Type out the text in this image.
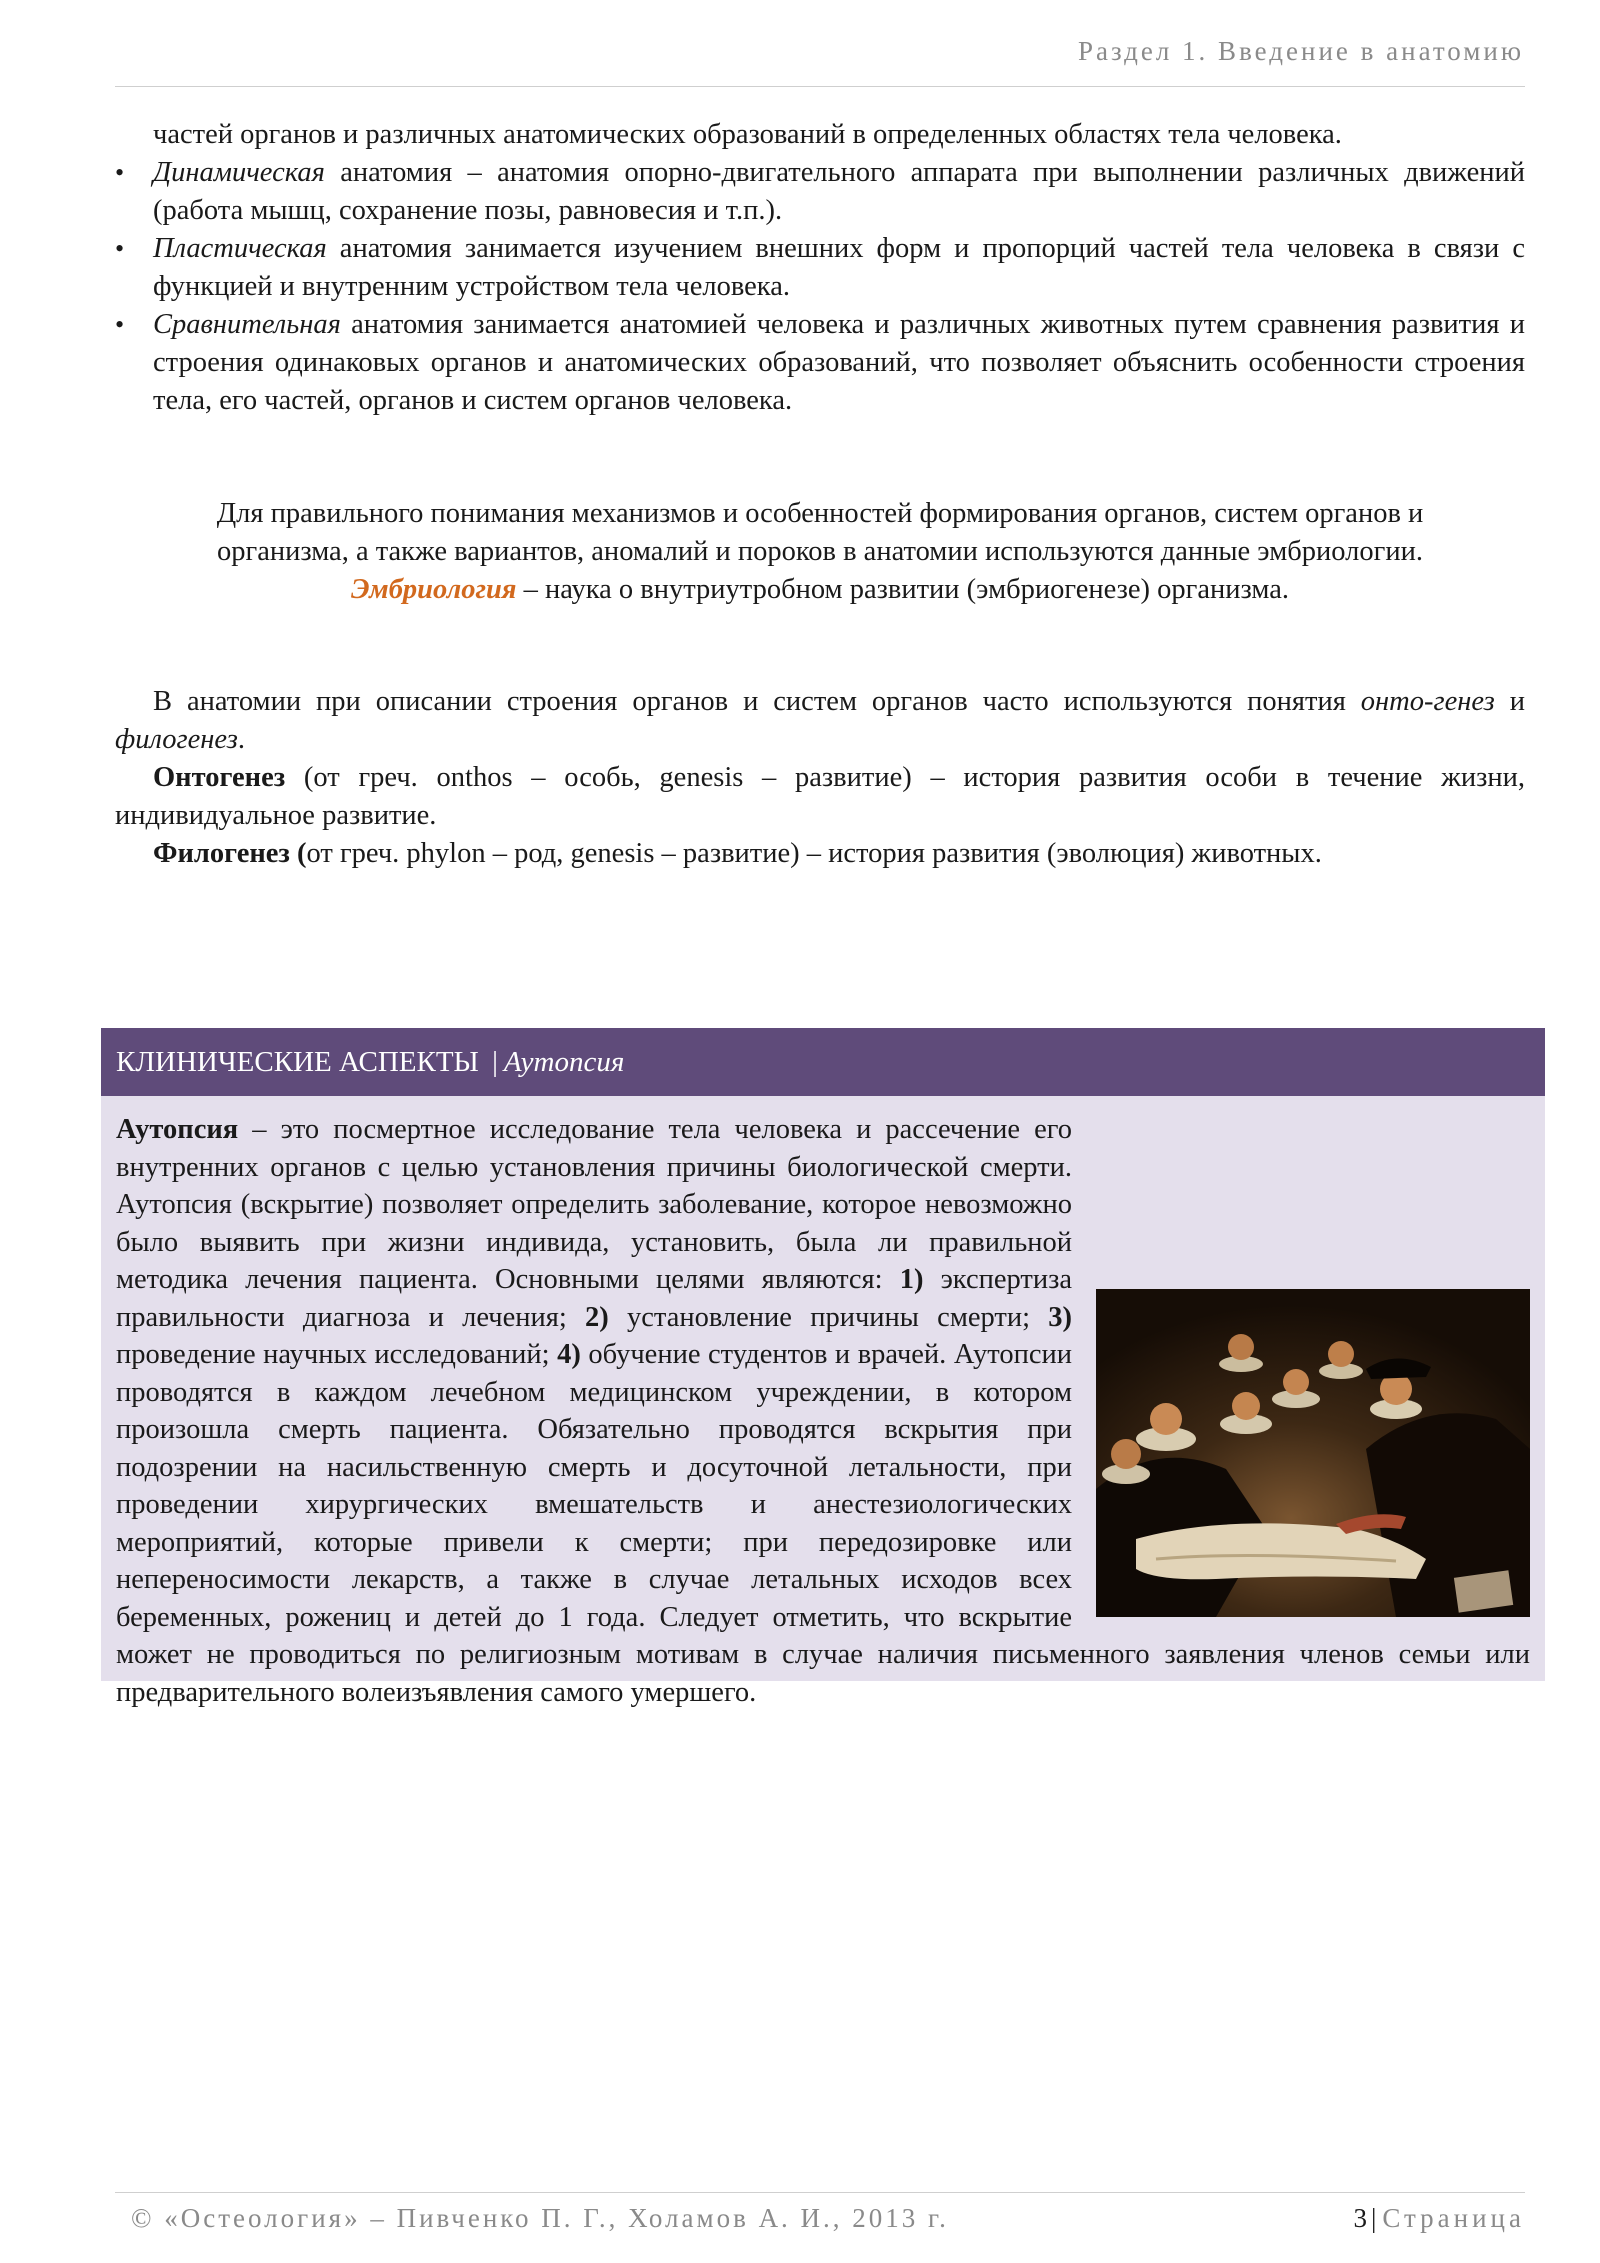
Раздел 1. Введение в анатомию

частей органов и различных анатомических образований в определенных областях тела человека.

• Динамическая анатомия – анатомия опорно-двигательного аппарата при выполнении различных движений (работа мышц, сохранение позы, равновесия и т.п.).
• Пластическая анатомия занимается изучением внешних форм и пропорций частей тела человека в связи с функцией и внутренним устройством тела человека.
• Сравнительная анатомия занимается анатомией человека и различных животных путем сравнения развития и строения одинаковых органов и анатомических образований, что позволяет объяснить особенности строения тела, его частей, органов и систем органов человека.

Для правильного понимания механизмов и особенностей формирования органов, систем органов и

организма, а также вариантов, аномалий и пороков в анатомии используются данные эмбриологии.

Эмбриология – наука о внутриутробном развитии (эмбриогенезе) организма.

В анатомии при описании строения органов и систем органов часто используются понятия онто-генез и филогенез.

Онтогенез (от греч. onthos – особь, genesis – развитие) – история развития особи в течение жизни, индивидуальное развитие.

Филогенез (от греч. phylon – род, genesis – развитие) – история развития (эволюция) животных.

КЛИНИЧЕСКИЕ АСПЕКТЫ | Аутопсия

Аутопсия – это посмертное исследование тела человека и рассечение его внутренних органов с целью установления причины биологической смерти. Аутопсия (вскрытие) позволяет определить заболевание, которое невозможно было выявить при жизни индивида, установить, была ли правильной методика лечения пациента. Основными целями являются: 1) экспертиза правильности диагноза и лечения; 2) установление причины смерти; 3) проведение научных исследований; 4) обучение студентов и врачей. Аутопсии проводятся в каждом лечебном медицинском учреждении, в котором произошла смерть пациента. Обязательно проводятся вскрытия при подозрении на насильственную смерть и досуточной летальности, при проведении хирургических вмешательств и анестезиологических мероприятий, которые привели к смерти; при передозировке или непереносимости лекарств, а также в случае летальных исходов всех беременных, рожениц и детей до 1 года. Следует отметить, что вскрытие может не проводиться по религиозным мотивам в случае наличия письменного заявления членов семьи или предварительного волеизъявления самого умершего.

© «Остеология» – Пивченко П. Г., Холамов А. И., 2013 г.	3 | Страница
